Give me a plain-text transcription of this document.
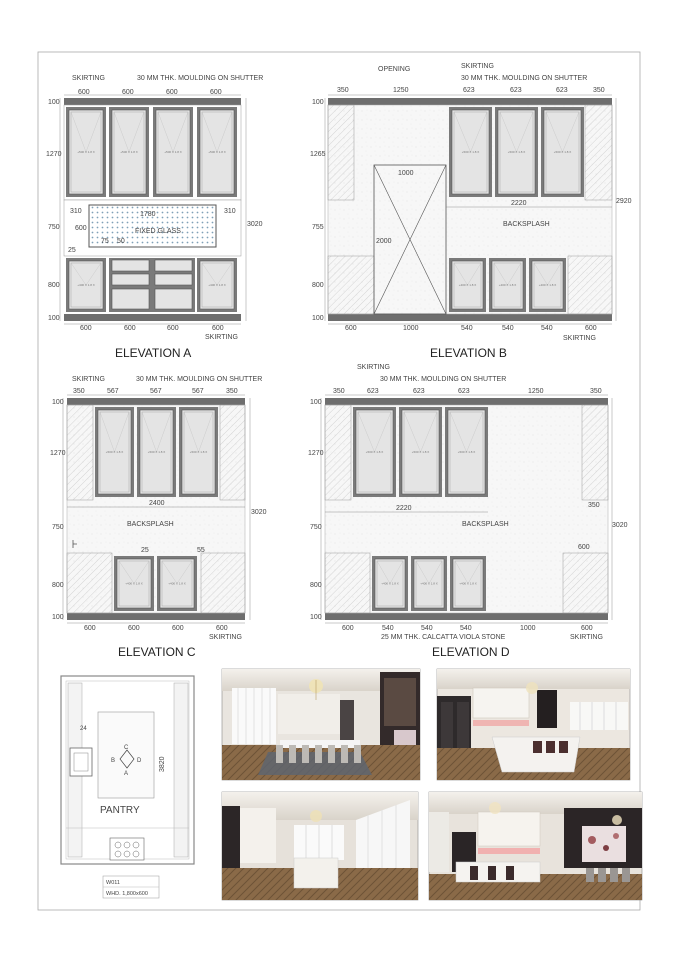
+500 X 1.8 X	+500 X 1.8 X	+500 X 1.8 X	+500 X 1.8 X
FIXED GLASS
+400 X 1.8 X	+400 X 1.8 X
SKIRTING	30 MM THK. MOULDING ON SHUTTER
600	600	600	600
600	600	600	600
SKIRTING
100
1270
750
800
100
3020
310	1780	310
600
75 50
25
ELEVATION A
+500 X 1.8 X	+500 X 1.8 X	+500 X 1.8 X
+400 X 1.8 X	+400 X 1.8 X	+400 X 1.8 X
2220
BACKSPLASH
1000
2000
OPENING	SKIRTING
30 MM THK. MOULDING ON SHUTTER
350	1250	623	623	623	350
600	1000	540	540	540	600
SKIRTING
100
1265
755
800
100
2920
ELEVATION B
+500 X 1.8 X	+500 X 1.8 X	+500 X 1.8 X
+400 X 1.8 X	+400 X 1.8 X
2400
BACKSPLASH
25	55
SKIRTING	30 MM THK. MOULDING ON SHUTTER
350	567	567	567	350
600	600	600	600
SKIRTING
100
1270
750
800
100
3020
ELEVATION C
+500 X 1.8 X	+500 X 1.8 X	+500 X 1.8 X
+400 X 1.8 X	+400 X 1.8 X	+400 X 1.8 X
2220
BACKSPLASH
350
600
SKIRTING
30 MM THK. MOULDING ON SHUTTER
350	623	623	623	1250	350
600	540	540	540	1000	600
25 MM THK. CALCATTA VIOLA STONE	SKIRTING
100
1270
750
800
100
3020
ELEVATION D
C
B	D
A
24
3820
PANTRY
W011
WHD. 1,800x600
